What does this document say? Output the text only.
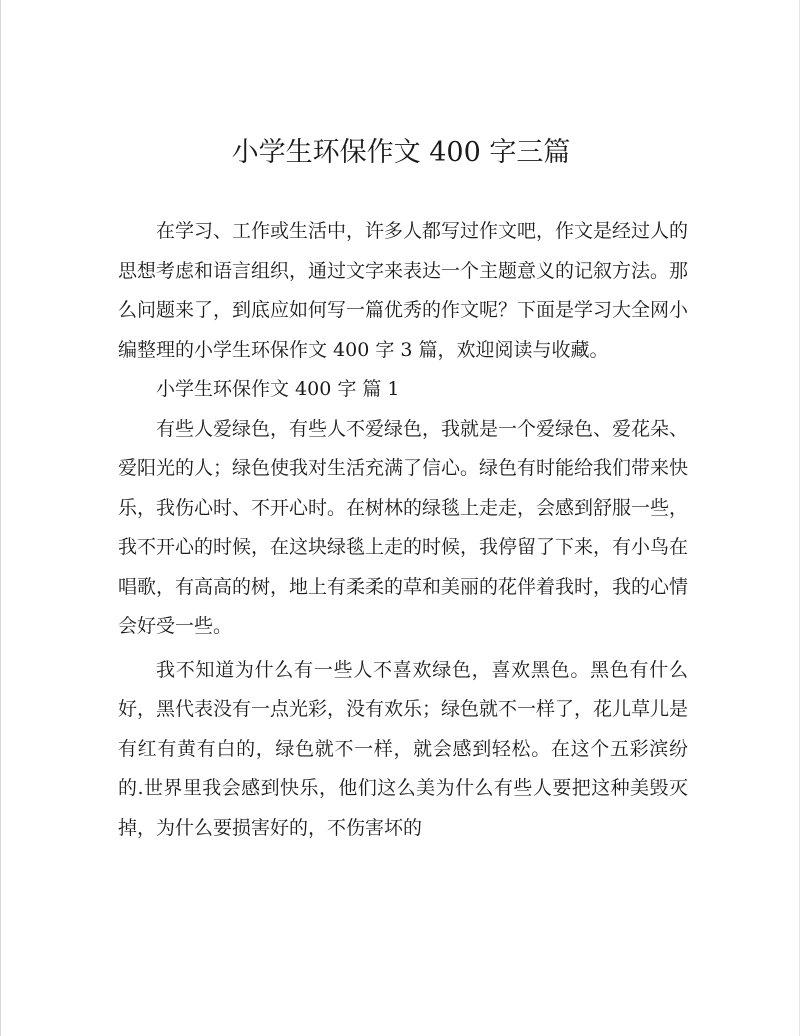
小学生环保作文 400 字三篇

在学习、工作或生活中，许多人都写过作文吧，作文是经过人的思想考虑和语言组织，通过文字来表达一个主题意义的记叙方法。那么问题来了，到底应如何写一篇优秀的作文呢？下面是学习大全网小编整理的小学生环保作文 400 字 3 篇，欢迎阅读与收藏。

小学生环保作文 400 字 篇 1

有些人爱绿色，有些人不爱绿色，我就是一个爱绿色、爱花朵、爱阳光的人；绿色使我对生活充满了信心。绿色有时能给我们带来快乐，我伤心时、不开心时。在树林的绿毯上走走，会感到舒服一些，我不开心的时候，在这块绿毯上走的时候，我停留了下来，有小鸟在唱歌，有高高的树，地上有柔柔的草和美丽的花伴着我时，我的心情会好受一些。

我不知道为什么有一些人不喜欢绿色，喜欢黑色。黑色有什么好，黑代表没有一点光彩，没有欢乐；绿色就不一样了，花儿草儿是有红有黄有白的，绿色就不一样，就会感到轻松。在这个五彩滨纷的.世界里我会感到快乐，他们这么美为什么有些人要把这种美毁灭掉，为什么要损害好的，不伤害坏的
